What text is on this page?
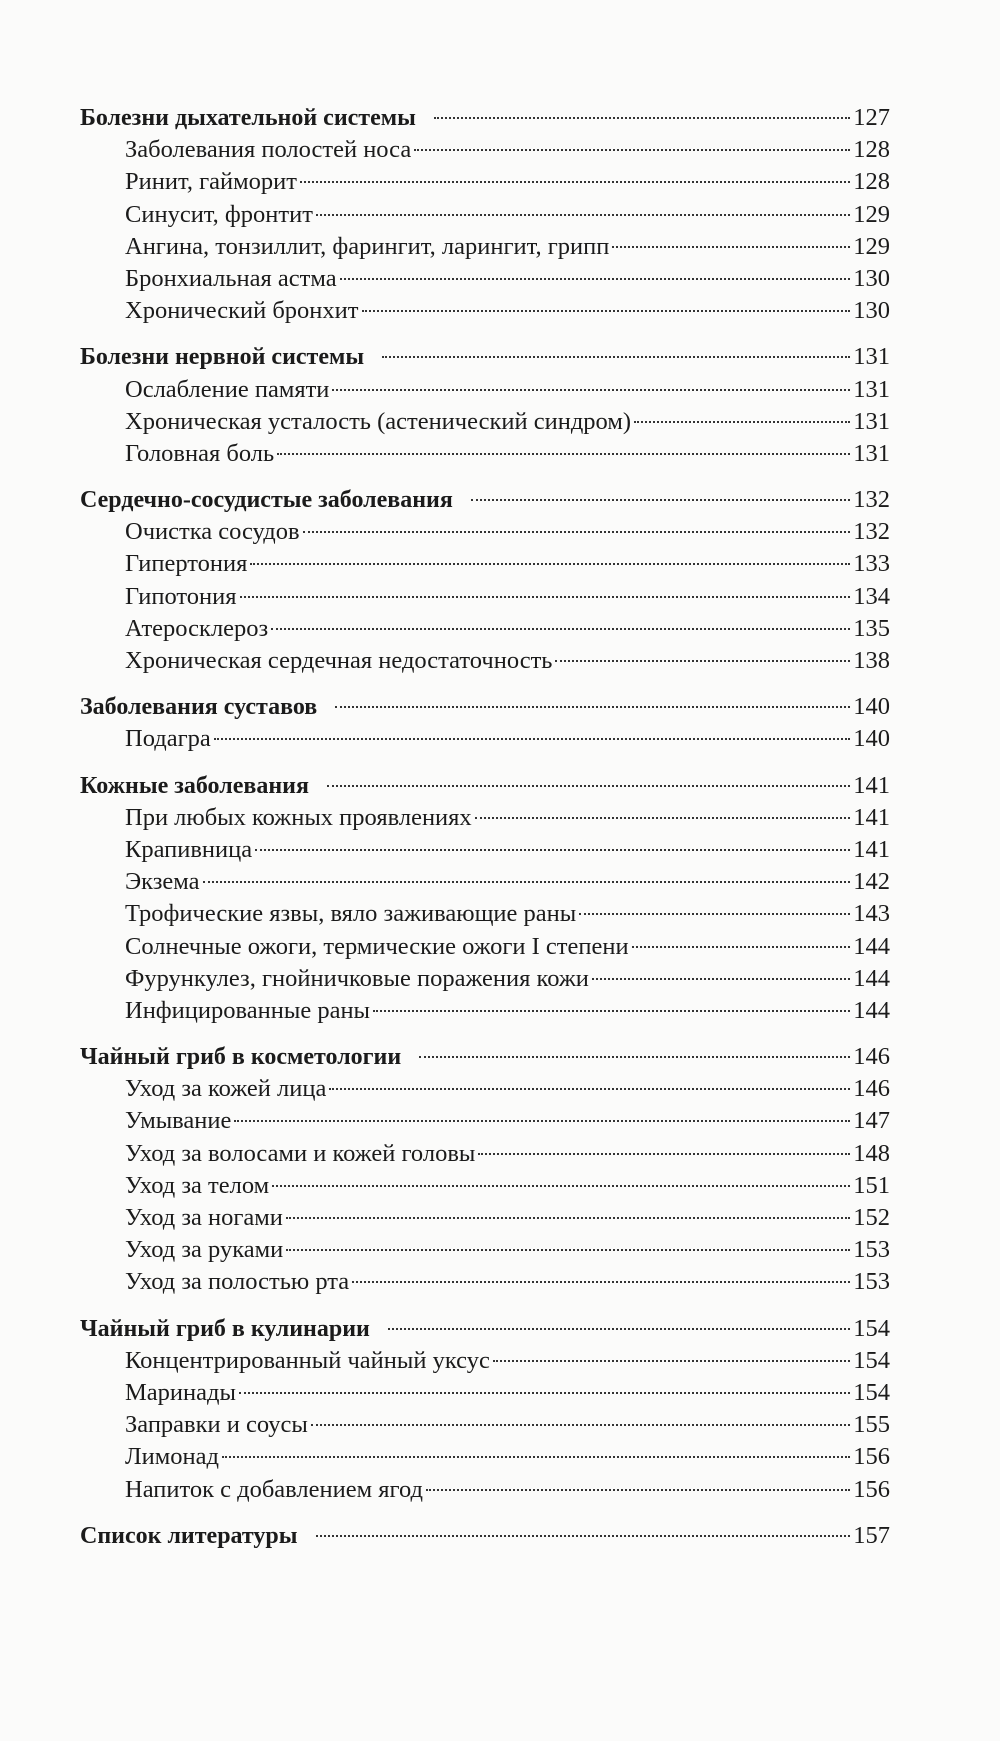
Болезни дыхательной системы	127
Заболевания полостей носа	128
Ринит, гайморит	128
Синусит, фронтит	129
Ангина, тонзиллит, фарингит, ларингит, грипп	129
Бронхиальная астма	130
Хронический бронхит	130
Болезни нервной системы	131
Ослабление памяти	131
Хроническая усталость (астенический синдром)	131
Головная боль	131
Сердечно-сосудистые заболевания	132
Очистка сосудов	132
Гипертония	133
Гипотония	134
Атеросклероз	135
Хроническая сердечная недостаточность	138
Заболевания суставов	140
Подагра	140
Кожные заболевания	141
При любых кожных проявлениях	141
Крапивница	141
Экзема	142
Трофические язвы, вяло заживающие раны	143
Солнечные ожоги, термические ожоги I степени	144
Фурункулез, гнойничковые поражения кожи	144
Инфицированные раны	144
Чайный гриб в косметологии	146
Уход за кожей лица	146
Умывание	147
Уход за волосами и кожей головы	148
Уход за телом	151
Уход за ногами	152
Уход за руками	153
Уход за полостью рта	153
Чайный гриб в кулинарии	154
Концентрированный чайный уксус	154
Маринады	154
Заправки и соусы	155
Лимонад	156
Напиток с добавлением ягод	156
Список литературы	157
